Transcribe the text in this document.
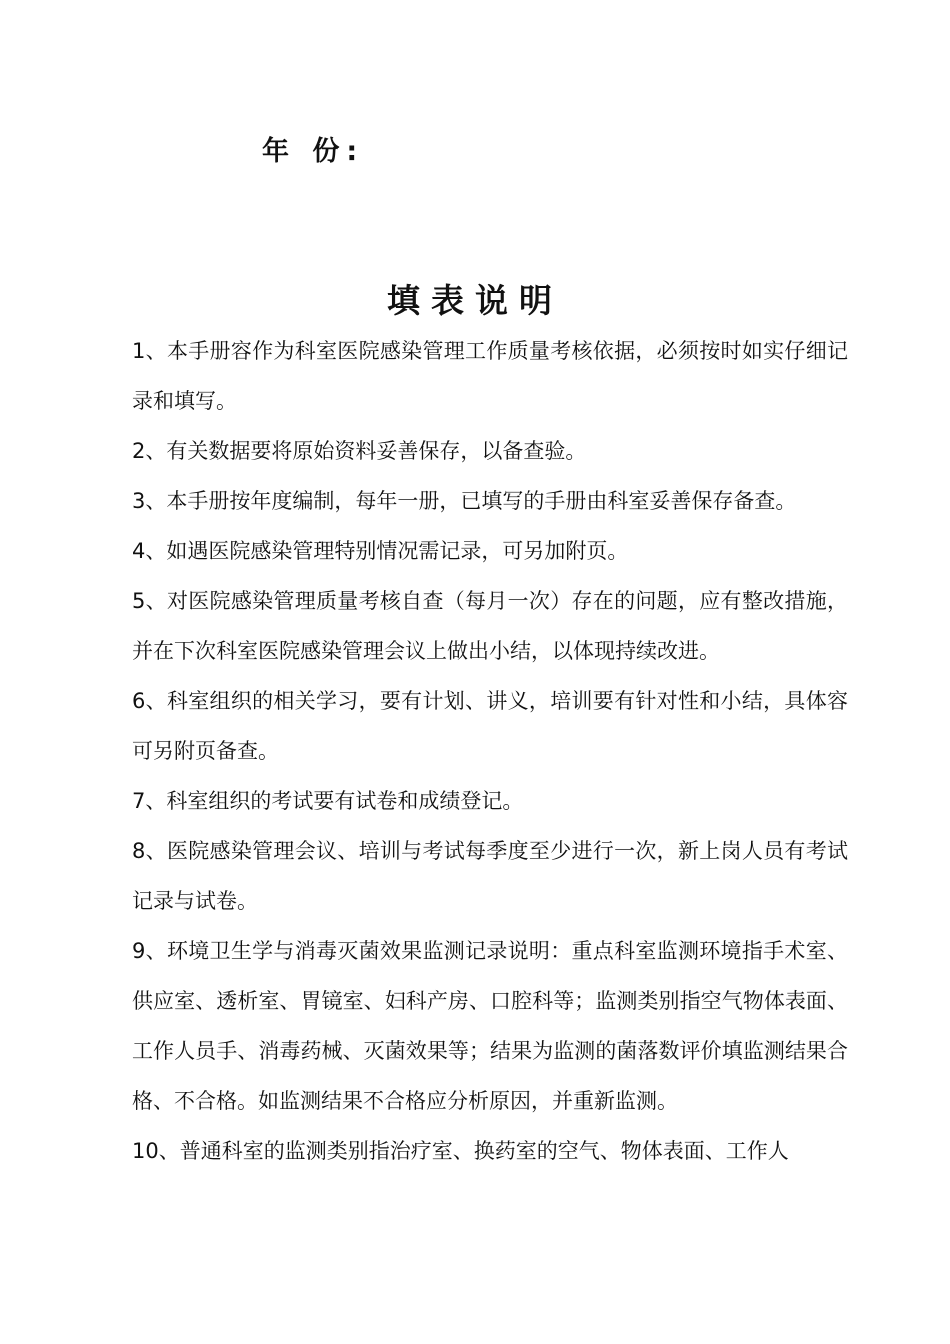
年 份:
填表说明
1、本手册容作为科室医院感染管理工作质量考核依据，必须按时如实仔细记录和填写。
2、有关数据要将原始资料妥善保存，以备查验。
3、本手册按年度编制，每年一册，已填写的手册由科室妥善保存备查。
4、如遇医院感染管理特别情况需记录，可另加附页。
5、对医院感染管理质量考核自查（每月一次）存在的问题，应有整改措施，并在下次科室医院感染管理会议上做出小结，以体现持续改进。
6、科室组织的相关学习，要有计划、讲义，培训要有针对性和小结，具体容可另附页备查。
7、科室组织的考试要有试卷和成绩登记。
8、医院感染管理会议、培训与考试每季度至少进行一次，新上岗人员有考试记录与试卷。
9、环境卫生学与消毒灭菌效果监测记录说明：重点科室监测环境指手术室、供应室、透析室、胃镜室、妇科产房、口腔科等；监测类别指空气物体表面、工作人员手、消毒药械、灭菌效果等；结果为监测的菌落数评价填监测结果合格、不合格。如监测结果不合格应分析原因，并重新监测。
10、普通科室的监测类别指治疗室、换药室的空气、物体表面、工作人
